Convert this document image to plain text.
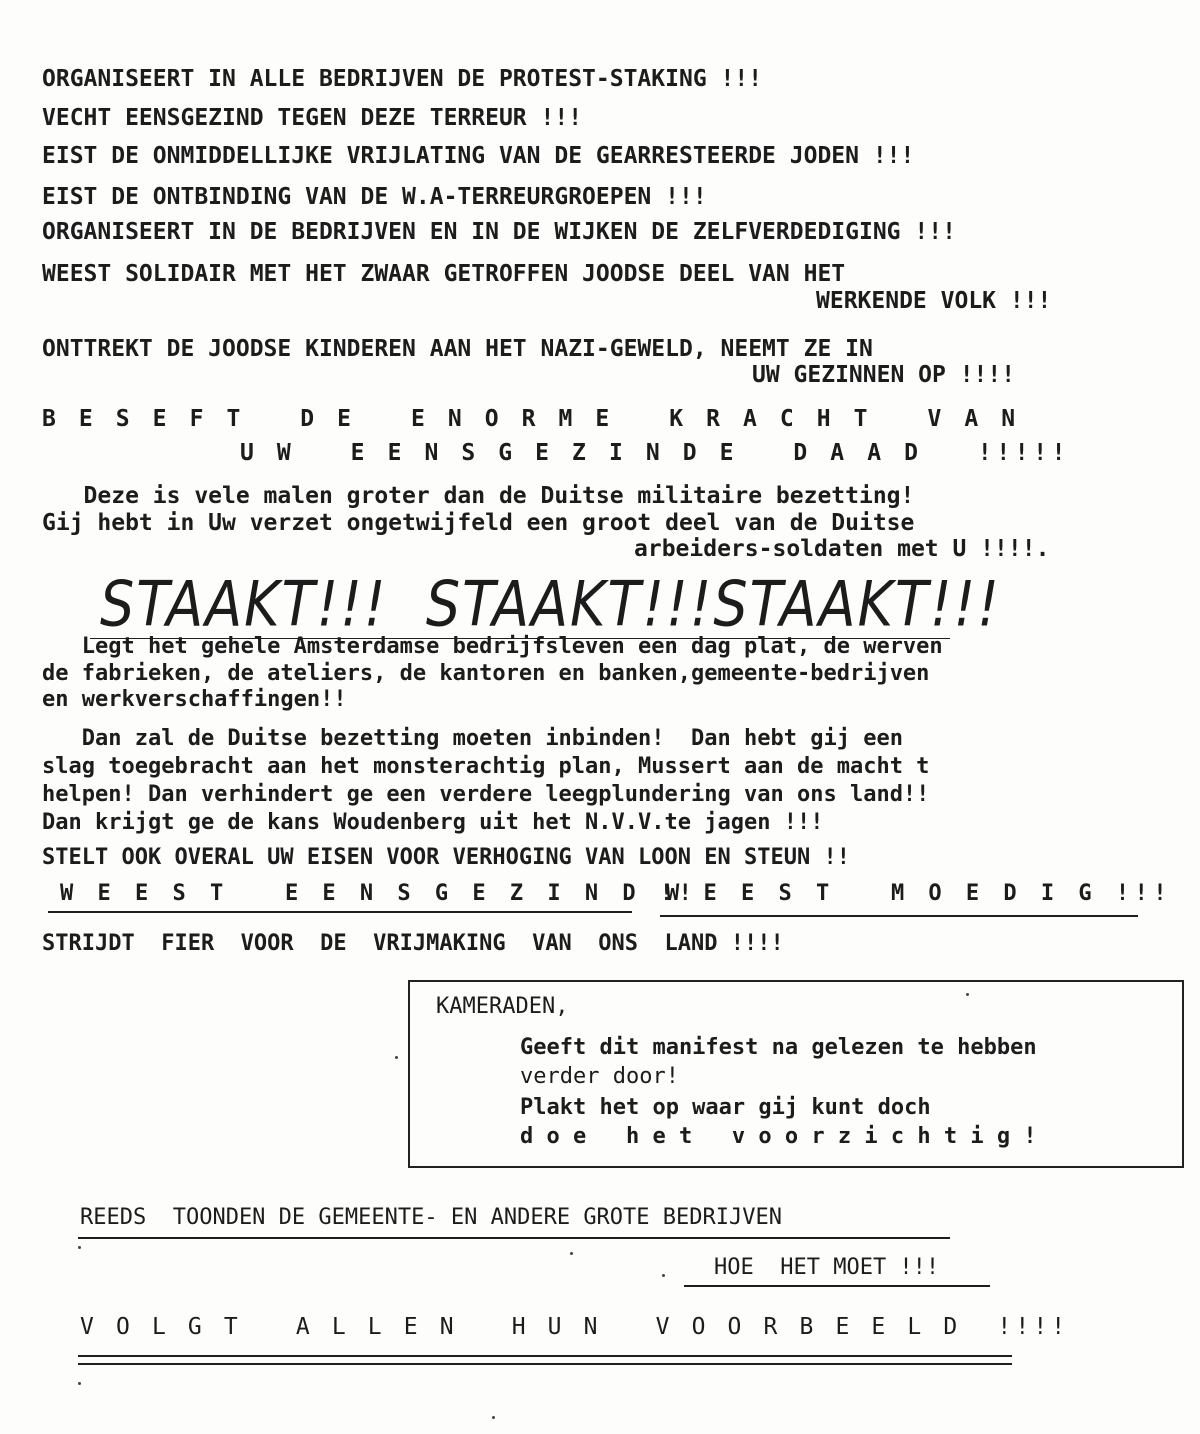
ORGANISEERT IN ALLE BEDRIJVEN DE PROTEST-STAKING !!!
VECHT EENSGEZIND TEGEN DEZE TERREUR !!!
EIST DE ONMIDDELLIJKE VRIJLATING VAN DE GEARRESTEERDE JODEN !!!
EIST DE ONTBINDING VAN DE W.A-TERREURGROEPEN !!!
ORGANISEERT IN DE BEDRIJVEN EN IN DE WIJKEN DE ZELFVERDEDIGING !!!
WEEST SOLIDAIR MET HET ZWAAR GETROFFEN JOODSE DEEL VAN HET
WERKENDE VOLK !!!
ONTTREKT DE JOODSE KINDEREN AAN HET NAZI-GEWELD, NEEMT ZE IN
UW GEZINNEN OP !!!!
B E S E F T   D E   E N O R M E   K R A C H T   V A N
U W   E E N S G E Z I N D E   D A A D   !!!!!
Deze is vele malen groter dan de Duitse militaire bezetting!
Gij hebt in Uw verzet ongetwijfeld een groot deel van de Duitse
arbeiders-soldaten met U !!!!.
STAAKT!!!  STAAKT!!!STAAKT!!!
Legt het gehele Amsterdamse bedrijfsleven een dag plat, de werven
de fabrieken, de ateliers, de kantoren en banken,gemeente-bedrijven
en werkverschaffingen!!
Dan zal de Duitse bezetting moeten inbinden!  Dan hebt gij een
slag toegebracht aan het monsterachtig plan, Mussert aan de macht t
helpen! Dan verhindert ge een verdere leegplundering van ons land!!
Dan krijgt ge de kans Woudenberg uit het N.V.V.te jagen !!!
STELT OOK OVERAL UW EISEN VOOR VERHOGING VAN LOON EN STEUN !!
W E E S T   E E N S G E Z I N D !!
W E E S T   M O E D I G !!!
STRIJDT  FIER  VOOR  DE  VRIJMAKING  VAN  ONS  LAND !!!!
KAMERADEN,
Geeft dit manifest na gelezen te hebben
verder door!
Plakt het op waar gij kunt doch
d o e   h e t   v o o r z i c h t i g !
REEDS  TOONDEN DE GEMEENTE- EN ANDERE GROTE BEDRIJVEN
HOE  HET MOET !!!
V O L G T   A L L E N   H U N   V O O R B E E L D  !!!!
